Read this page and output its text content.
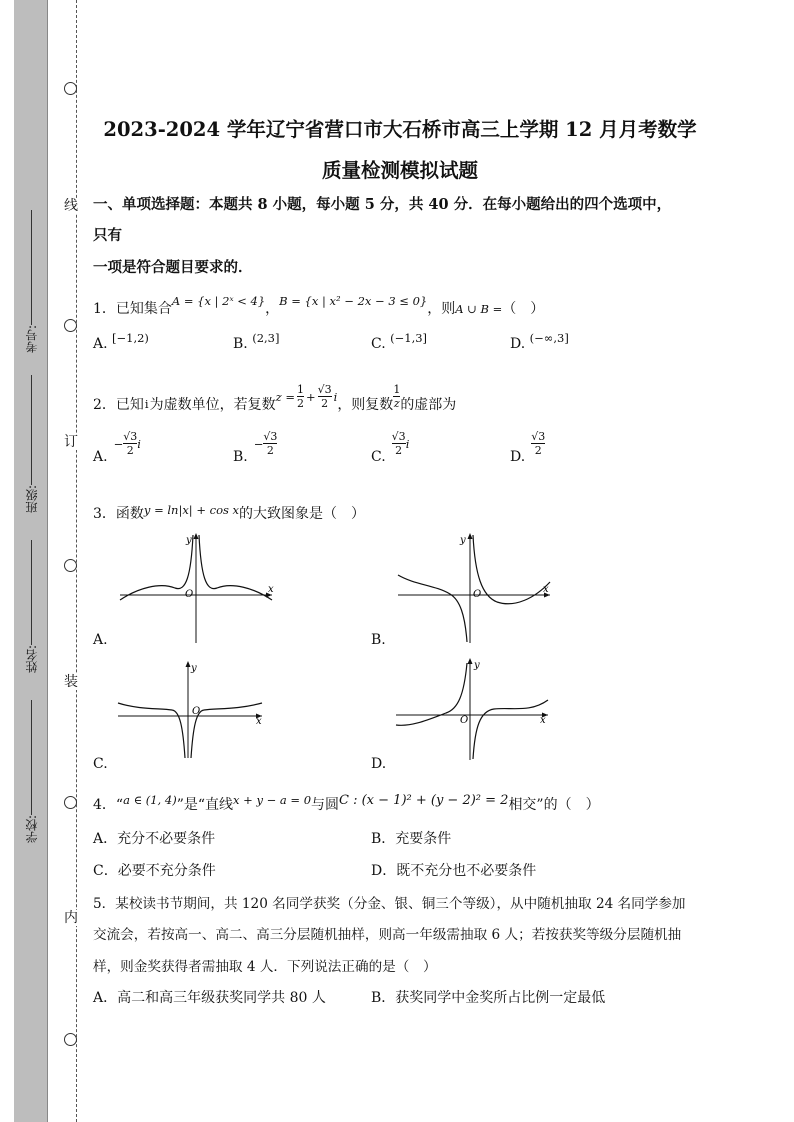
线
订
装
内
考号:
班级:
姓名:
学校:
2023-2024 学年辽宁省营口市大石桥市高三上学期 12 月月考数学
质量检测模拟试题
一、单项选择题：本题共 8 小题，每小题 5 分，共 40 分．在每小题给出的四个选项中，
只有
一项是符合题目要求的．
1．已知集合$^{A = \{x | 2ˣ < 4\}}$，$^{B = \{x | x^2 - 2x - 3 \le 0\}}$，则A ∪ B =（　）
A. $^{[-1,2)}$	B. $^{(2,3]}$	C. $^{(-1,3]}$	D. $^{(-\infty,3]}$
2．已知 i 为虚数单位，若复数 $z = \frac{1}{2} + \frac{√3}{2}$ i ，则复数 $\frac{1}{z}$ 的虚部为
A.
− $\frac{√3}{2}$ i
B.
− $\frac{√3}{2}$	C. $\frac{√3}{2}$ i
D. $\frac{√3}{2}$
3．函数$^{y = ln|x| + cos x}$的大致图象是（　）
y
x
O
A.
y
x
O
B.
y
x
O
C.
y
x
O
D.
4．“$^{a \in (1, 4)}$”是“直线$^{x + y - a = 0}$与圆C : (x − 1)² + (y − 2)² = 2相交”的（　）
A．充分不必要条件	B．充要条件
C．必要不充分条件	D．既不充分也不必要条件
5．某校读书节期间，共 120 名同学获奖（分金、银、铜三个等级），从中随机抽取 24 名同学参加
交流会，若按高一、高二、高三分层随机抽样，则高一年级需抽取 6 人；若按获奖等级分层随机抽
样，则金奖获得者需抽取 4 人．下列说法正确的是（　）
A．高二和高三年级获奖同学共 80 人	B．获奖同学中金奖所占比例一定最低
